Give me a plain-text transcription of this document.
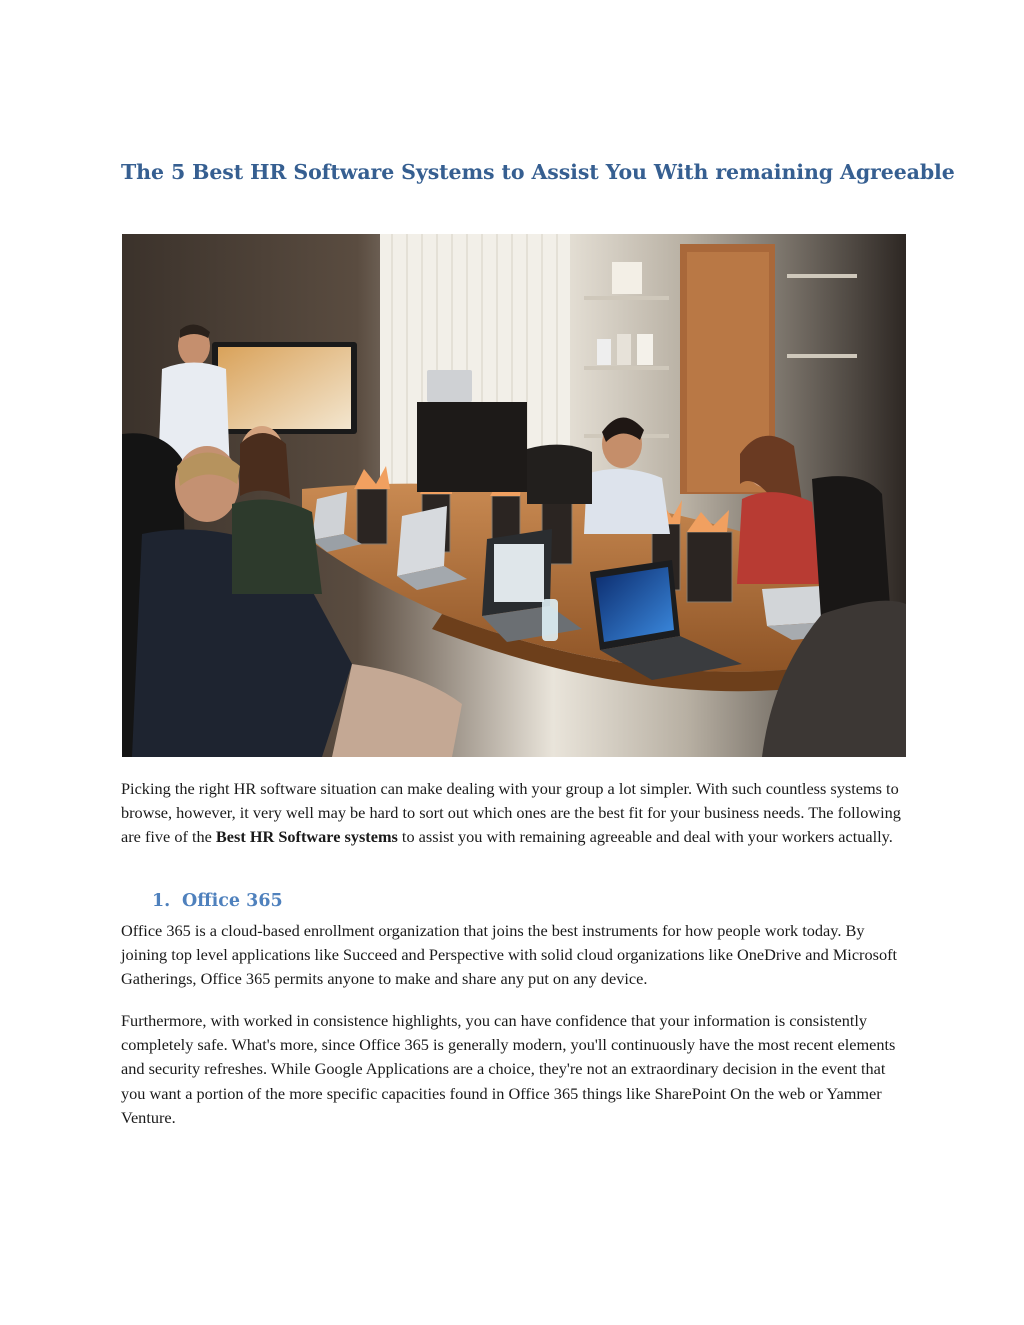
The 5 Best HR Software Systems to Assist You With remaining Agreeable

Picking the right HR software situation can make dealing with your group a lot simpler. With such countless systems to browse, however, it very well may be hard to sort out which ones are the best fit for your business needs. The following are five of the Best HR Software systems to assist you with remaining agreeable and deal with your workers actually.

1. Office 365

Office 365 is a cloud-based enrollment organization that joins the best instruments for how people work today. By joining top level applications like Succeed and Perspective with solid cloud organizations like OneDrive and Microsoft Gatherings, Office 365 permits anyone to make and share any put on any device.

Furthermore, with worked in consistence highlights, you can have confidence that your information is consistently completely safe. What's more, since Office 365 is generally modern, you'll continuously have the most recent elements and security refreshes. While Google Applications are a choice, they're not an extraordinary decision in the event that you want a portion of the more specific capacities found in Office 365 things like SharePoint On the web or Yammer Venture.
